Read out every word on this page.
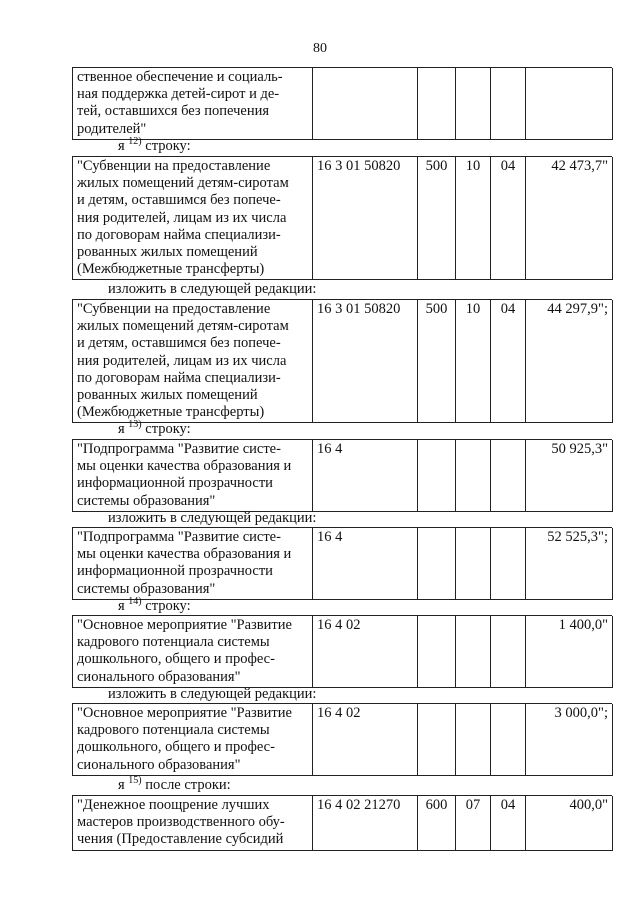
80
ственное обеспечение и социаль-
ная поддержка детей-сирот и де-
тей, оставшихся без попечения
родителей"
"Субвенции на предоставление
жилых помещений детям-сиротам
и детям, оставшимся без попече-
ния родителей, лицам из их числа
по договорам найма специализи-
рованных жилых помещений
(Межбюджетные трансферты)
16 3 01 50820	500	10	04	42 473,7"
"Субвенции на предоставление
жилых помещений детям-сиротам
и детям, оставшимся без попече-
ния родителей, лицам из их числа
по договорам найма специализи-
рованных жилых помещений
(Межбюджетные трансферты)
16 3 01 50820	500	10	04	44 297,9";
"Подпрограмма "Развитие систе-
мы оценки качества образования и
информационной прозрачности
системы образования"
16 4	50 925,3"
"Подпрограмма "Развитие систе-
мы оценки качества образования и
информационной прозрачности
системы образования"
16 4	52 525,3";
"Основное мероприятие "Развитие
кадрового потенциала системы
дошкольного, общего и профес-
сионального образования"
16 4 02	1 400,0"
"Основное мероприятие "Развитие
кадрового потенциала системы
дошкольного, общего и профес-
сионального образования"
16 4 02	3 000,0";
"Денежное поощрение лучших
мастеров производственного обу-
чения (Предоставление субсидий
16 4 02 21270	600	07	04	400,0"
я $^{12)}$ строку:
изложить в следующей редакции:
я $^{13)}$ строку:
изложить в следующей редакции:
я $^{14)}$ строку:
изложить в следующей редакции:
я $^{15)}$ после строки:
